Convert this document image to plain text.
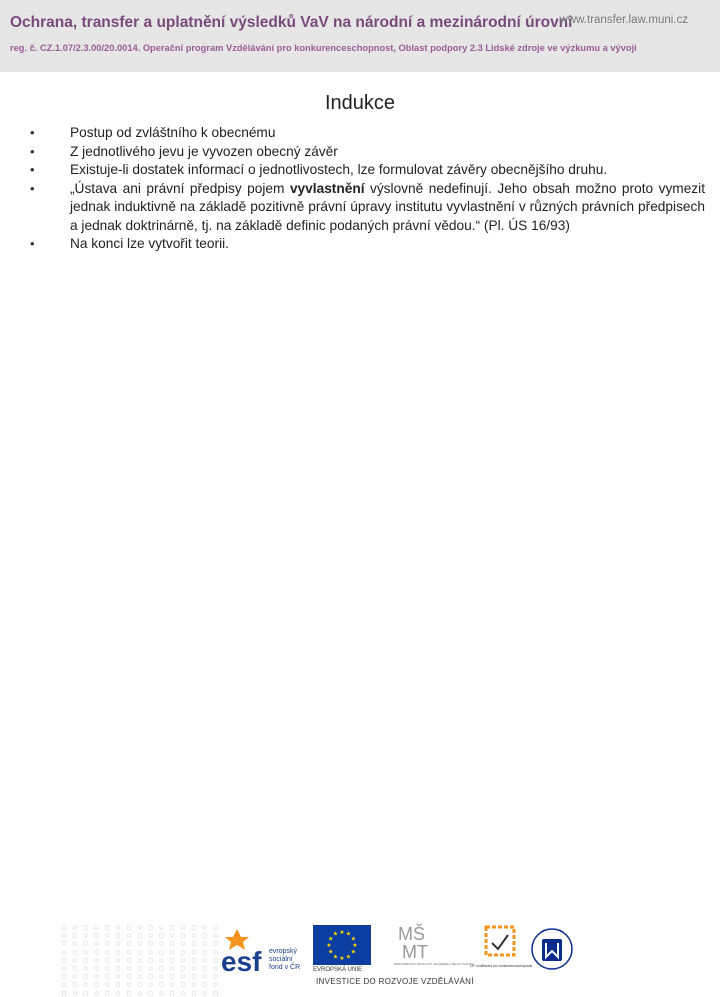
Ochrana, transfer a uplatnění výsledků VaV na národní a mezinárodní úrovni
www.transfer.law.muni.cz
reg. č. CZ.1.07/2.3.00/20.0014. Operační program Vzdělávání pro konkurenceschopnost, Oblast podpory 2.3 Lidské zdroje ve výzkumu a vývoji
Indukce
•	Postup od zvláštního k obecnému
•	Z jednotlivého jevu je vyvozen obecný závěr
•	Existuje-li dostatek informací o jednotlivostech, lze formulovat závěry obecnějšího druhu.
•	„Ústava ani právní předpisy pojem vyvlastnění výslovně nedefinují. Jeho obsah možno proto vymezit jednak induktivně na základě pozitivně právní úpravy institutu vyvlastnění v různých právních předpisech a jednak doktrinárně, tj. na základě definic podaných právní vědou.“ (Pl. ÚS 16/93)
•	Na konci lze vytvořit teorii.
□ ○ □ ○ □ ○ □ ○ □ ○ □ ○ □ ○ □
○ □ ○ □ ○ □ ○ □ ○ □ ○ □ ○ □ ○
□ ○ □ ○ □ ○ □ ○ □ ○ □ ○ □ ○ □
○ □ ○ □ ○ □ ○ □ ○ □ ○ □ ○ □ ○
□ ○ □ ○ □ ○ □ ○ □ ○ □ ○ □ ○ □
○ □ ○ □ ○ □ ○ □ ○ □ ○ □ ○ □ ○
□ ○ □ ○ □ ○ □ ○ □ ○ □ ○ □ ○ □
○ □ ○ □ ○ □ ○ □ ○ □ ○ □ ○ □ ○
□ ○ □ ○ □ ○ □ ○ □ ○ □ ○ □ ○ □
esf evropský
sociální
fond v ČR
★ ★
★
★
★
★
★
★
★
★
★
★
EVROPSKÁ UNIE
MŠ
MT
MINISTERSTVO ŠKOLSTVÍ, MLÁDEŽE A TĚLOVÝCHOVY
OP Vzdělávání pro konkurenceschopnost
INVESTICE DO ROZVOJE VZDĚLÁVÁNÍ
